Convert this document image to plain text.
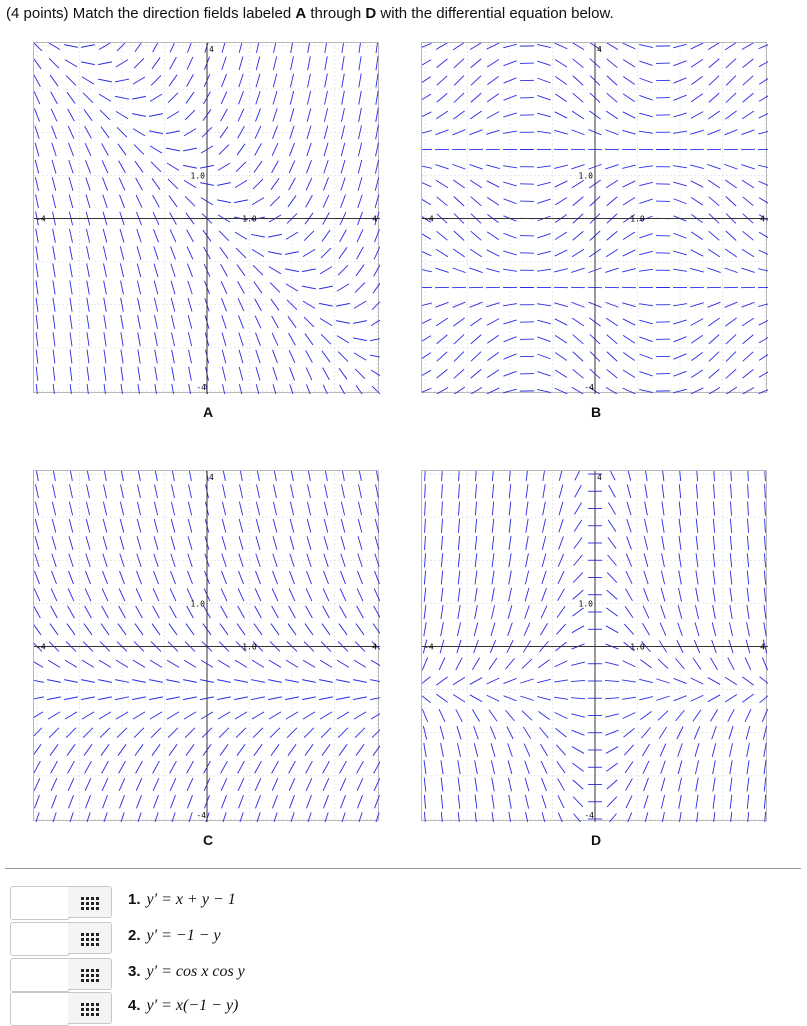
(4 points) Match the direction fields labeled A through D with the differential equation below.
4
-4
-4	4
1.0
1.0
A
4
-4
-4	4
1.0
1.0
B
4
-4
-4	4
1.0
1.0
C
4
-4
-4	4
1.0
1.0
D
1. y′ = x + y − 1
2. y′ = −1 − y
3. y′ = cos x cos y
4. y′ = x(−1 − y)
